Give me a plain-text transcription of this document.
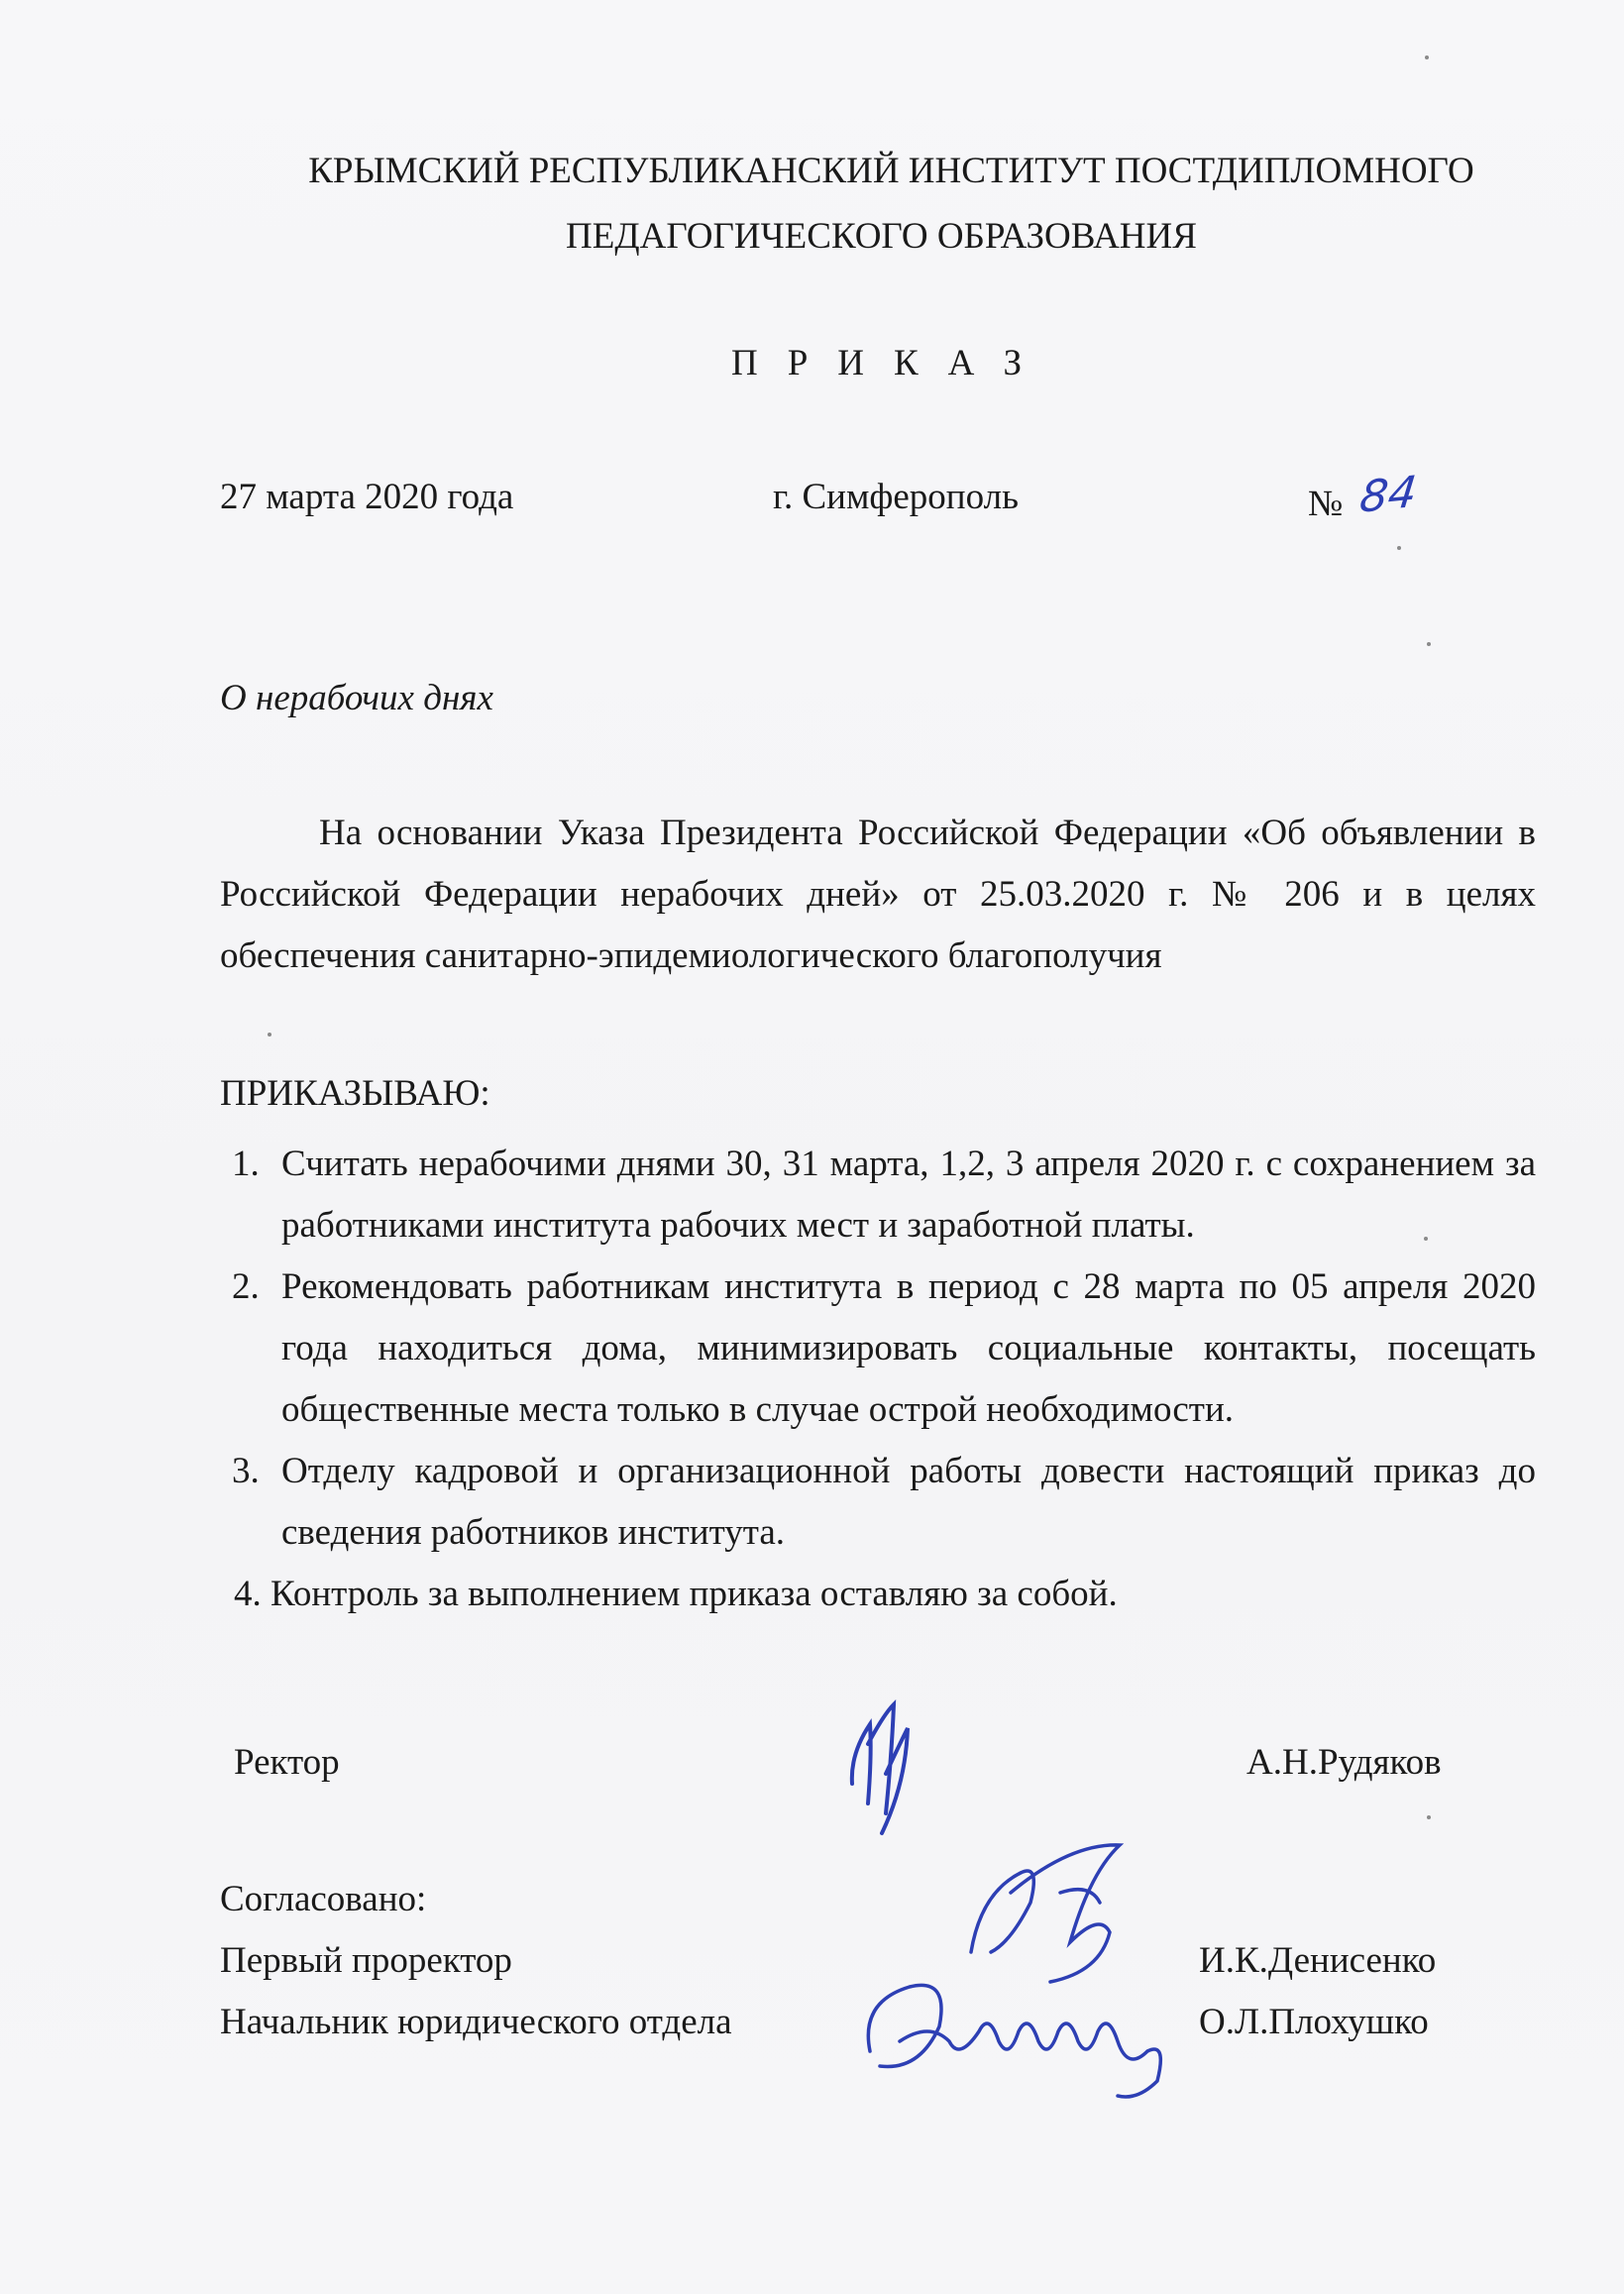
КРЫМСКИЙ РЕСПУБЛИКАНСКИЙ ИНСТИТУТ ПОСТДИПЛОМНОГО
ПЕДАГОГИЧЕСКОГО ОБРАЗОВАНИЯ
ПРИКАЗ
27 марта 2020 года	г. Симферополь	№ 84
О нерабочих днях
На основании Указа Президента Российской Федерации «Об объявлении в Российской Федерации нерабочих дней» от 25.03.2020 г. № 206 и в целях обеспечения санитарно-эпидемиологического благополучия
ПРИКАЗЫВАЮ:
1. Считать нерабочими днями 30, 31 марта, 1,2, 3 апреля 2020 г. с сохранением за работниками института рабочих мест и заработной платы.
2. Рекомендовать работникам института в период с 28 марта по 05 апреля 2020 года находиться дома, минимизировать социальные контакты, посещать общественные места только в случае острой необходимости.
3. Отделу кадровой и организационной работы довести настоящий приказ до сведения работников института.
4. Контроль за выполнением приказа оставляю за собой.
Ректор	А.Н.Рудяков
Согласовано:
Первый проректор	И.К.Денисенко
Начальник юридического отдела	О.Л.Плохушко
